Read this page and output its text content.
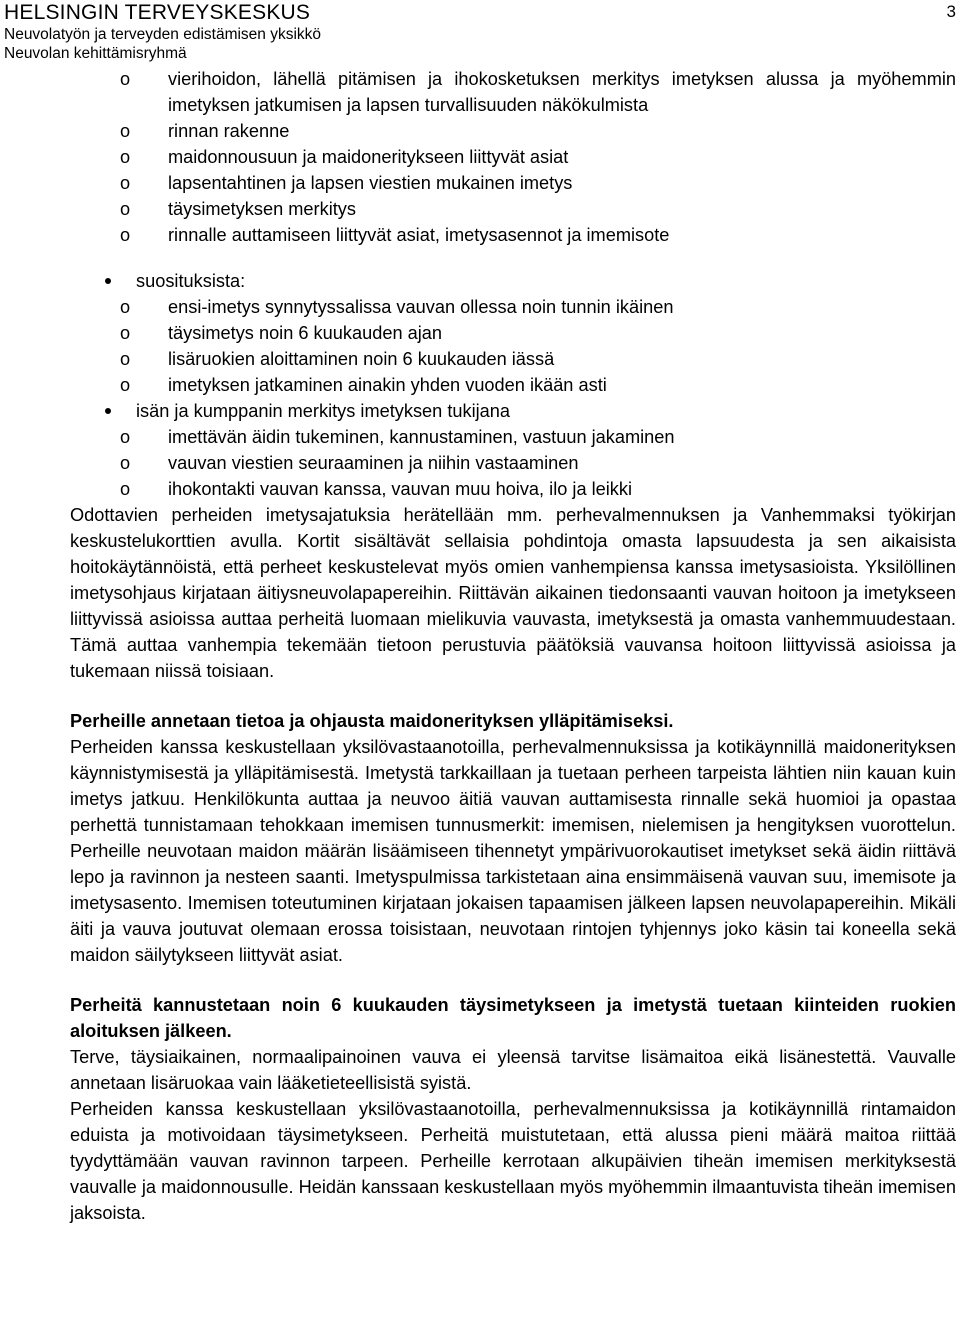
HELSINGIN TERVEYSKESKUS
Neuvolatyön ja terveyden edistämisen yksikkö
Neuvolan kehittämisryhmä
3
o vierihoidon, lähellä pitämisen ja ihokosketuksen merkitys imetyksen alussa ja myöhemmin imetyksen jatkumisen ja lapsen turvallisuuden näkökulmista
o rinnan rakenne
o maidonnousuun ja maidoneritykseen liittyvät asiat
o lapsentahtinen ja lapsen viestien mukainen imetys
o täysimetyksen merkitys
o rinnalle auttamiseen liittyvät asiat, imetysasennot ja imemisote
suosituksista:
o ensi-imetys synnytyssalissa vauvan ollessa noin tunnin ikäinen
o täysimetys noin 6 kuukauden ajan
o lisäruokien aloittaminen noin 6 kuukauden iässä
o imetyksen jatkaminen ainakin yhden vuoden ikään asti
isän ja kumppanin merkitys imetyksen tukijana
o imettävän äidin tukeminen, kannustaminen, vastuun jakaminen
o vauvan viestien seuraaminen ja niihin vastaaminen
o ihokontakti vauvan kanssa, vauvan muu hoiva, ilo ja leikki

Odottavien perheiden imetysajatuksia herätellään mm. perhevalmennuksen ja Vanhemmaksi työkirjan keskustelukorttien avulla. Kortit sisältävät sellaisia pohdintoja omasta lapsuudesta ja sen aikaisista hoitokäytännöistä, että perheet keskustelevat myös omien vanhempiensa kanssa imetysasioista. Yksilöllinen imetysohjaus kirjataan äitiysneuvolapapereihin. Riittävän aikainen tiedonsaanti vauvan hoitoon ja imetykseen liittyvissä asioissa auttaa perheitä luomaan mielikuvia vauvasta, imetyksestä ja omasta vanhemmuudestaan. Tämä auttaa vanhempia tekemään tietoon perustuvia päätöksiä vauvansa hoitoon liittyvissä asioissa ja tukemaan niissä toisiaan.

Perheille annetaan tietoa ja ohjausta maidonerityksen ylläpitämiseksi.

Perheiden kanssa keskustellaan yksilövastaanotoilla, perhevalmennuksissa ja kotikäynnillä maidonerityksen käynnistymisestä ja ylläpitämisestä. Imetystä tarkkaillaan ja tuetaan perheen tarpeista lähtien niin kauan kuin imetys jatkuu. Henkilökunta auttaa ja neuvoo äitiä vauvan auttamisesta rinnalle sekä huomioi ja opastaa perhettä tunnistamaan tehokkaan imemisen tunnusmerkit: imemisen, nielemisen ja hengityksen vuorottelun. Perheille neuvotaan maidon määrän lisäämiseen tihennetyt ympärivuorokautiset imetykset sekä äidin riittävä lepo ja ravinnon ja nesteen saanti. Imetyspulmissa tarkistetaan aina ensimmäisenä vauvan suu, imemisote ja imetysasento. Imemisen toteutuminen kirjataan jokaisen tapaamisen jälkeen lapsen neuvolapapereihin. Mikäli äiti ja vauva joutuvat olemaan erossa toisistaan, neuvotaan rintojen tyhjennys joko käsin tai koneella sekä maidon säilytykseen liittyvät asiat.

Perheitä kannustetaan noin 6 kuukauden täysimetykseen ja imetystä tuetaan kiinteiden ruokien aloituksen jälkeen.

Terve, täysiaikainen, normaalipainoinen vauva ei yleensä tarvitse lisämaitoa eikä lisänestettä. Vauvalle annetaan lisäruokaa vain lääketieteellisistä syistä.

Perheiden kanssa keskustellaan yksilövastaanotoilla, perhevalmennuksissa ja kotikäynnillä rintamaidon eduista ja motivoidaan täysimetykseen. Perheitä muistutetaan, että alussa pieni määrä maitoa riittää tyydyttämään vauvan ravinnon tarpeen. Perheille kerrotaan alkupäivien tiheän imemisen merkityksestä vauvalle ja maidonnousulle. Heidän kanssaan keskustellaan myös myöhemmin ilmaantuvista tiheän imemisen jaksoista.
